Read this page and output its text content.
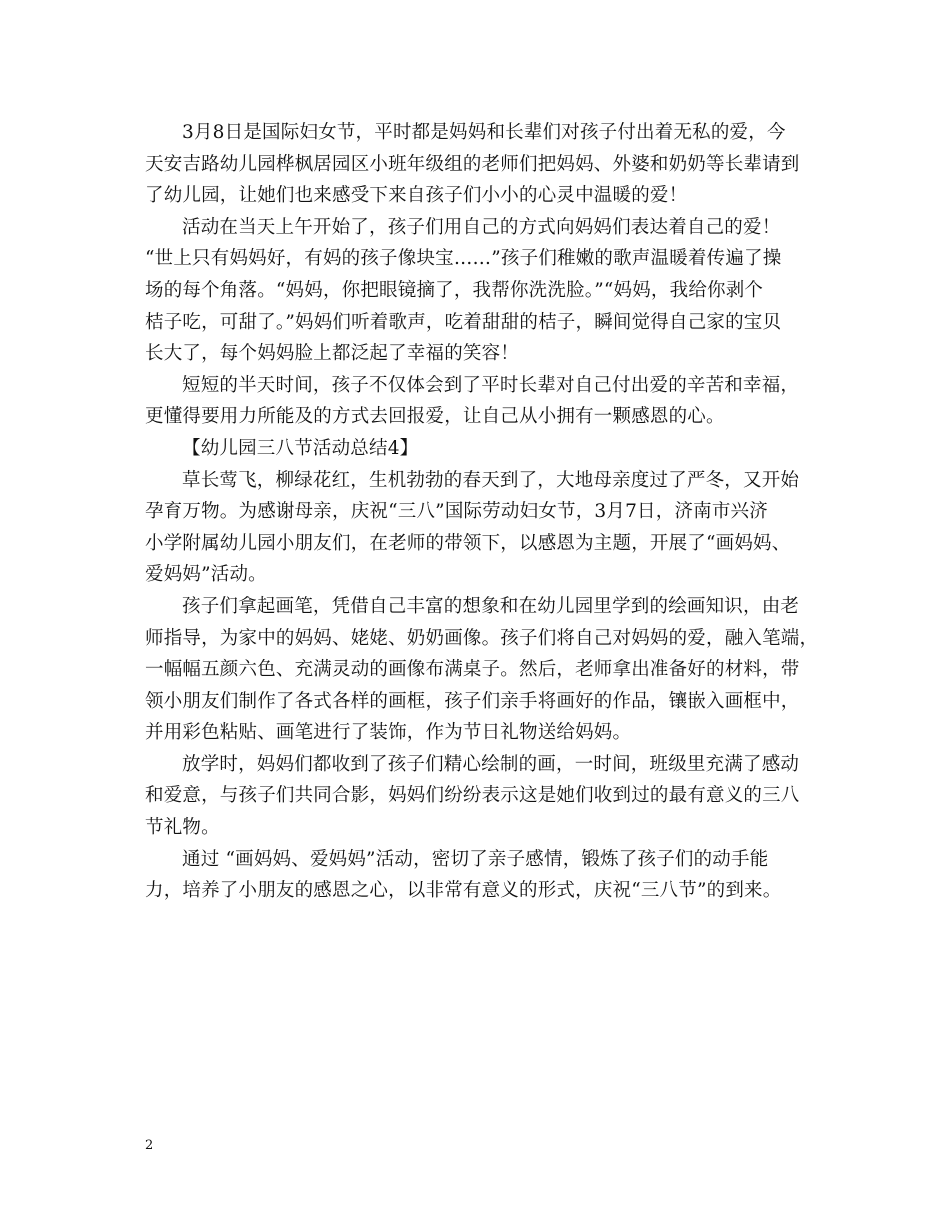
3月8日是国际妇女节，平时都是妈妈和长辈们对孩子付出着无私的爱，今
天安吉路幼儿园桦枫居园区小班年级组的老师们把妈妈、外婆和奶奶等长辈请到
了幼儿园，让她们也来感受下来自孩子们小小的心灵中温暖的爱！

活动在当天上午开始了，孩子们用自己的方式向妈妈们表达着自己的爱！
“世上只有妈妈好，有妈的孩子像块宝……”孩子们稚嫩的歌声温暖着传遍了操
场的每个角落。“妈妈，你把眼镜摘了，我帮你洗洗脸。”“妈妈，我给你剥个
桔子吃，可甜了。”妈妈们听着歌声，吃着甜甜的桔子，瞬间觉得自己家的宝贝
长大了，每个妈妈脸上都泛起了幸福的笑容！

短短的半天时间，孩子不仅体会到了平时长辈对自己付出爱的辛苦和幸福，
更懂得要用力所能及的方式去回报爱，让自己从小拥有一颗感恩的心。

【幼儿园三八节活动总结4】

草长莺飞，柳绿花红，生机勃勃的春天到了，大地母亲度过了严冬，又开始
孕育万物。为感谢母亲，庆祝“三八”国际劳动妇女节，3月7日，济南市兴济
小学附属幼儿园小朋友们，在老师的带领下，以感恩为主题，开展了“画妈妈、
爱妈妈”活动。

孩子们拿起画笔，凭借自己丰富的想象和在幼儿园里学到的绘画知识，由老
师指导，为家中的妈妈、姥姥、奶奶画像。孩子们将自己对妈妈的爱，融入笔端，
一幅幅五颜六色、充满灵动的画像布满桌子。然后，老师拿出准备好的材料，带
领小朋友们制作了各式各样的画框，孩子们亲手将画好的作品，镶嵌入画框中，
并用彩色粘贴、画笔进行了装饰，作为节日礼物送给妈妈。

放学时，妈妈们都收到了孩子们精心绘制的画，一时间，班级里充满了感动
和爱意，与孩子们共同合影，妈妈们纷纷表示这是她们收到过的最有意义的三八
节礼物。

通过 “画妈妈、爱妈妈”活动，密切了亲子感情，锻炼了孩子们的动手能
力，培养了小朋友的感恩之心，以非常有意义的形式，庆祝“三八节”的到来。

2
